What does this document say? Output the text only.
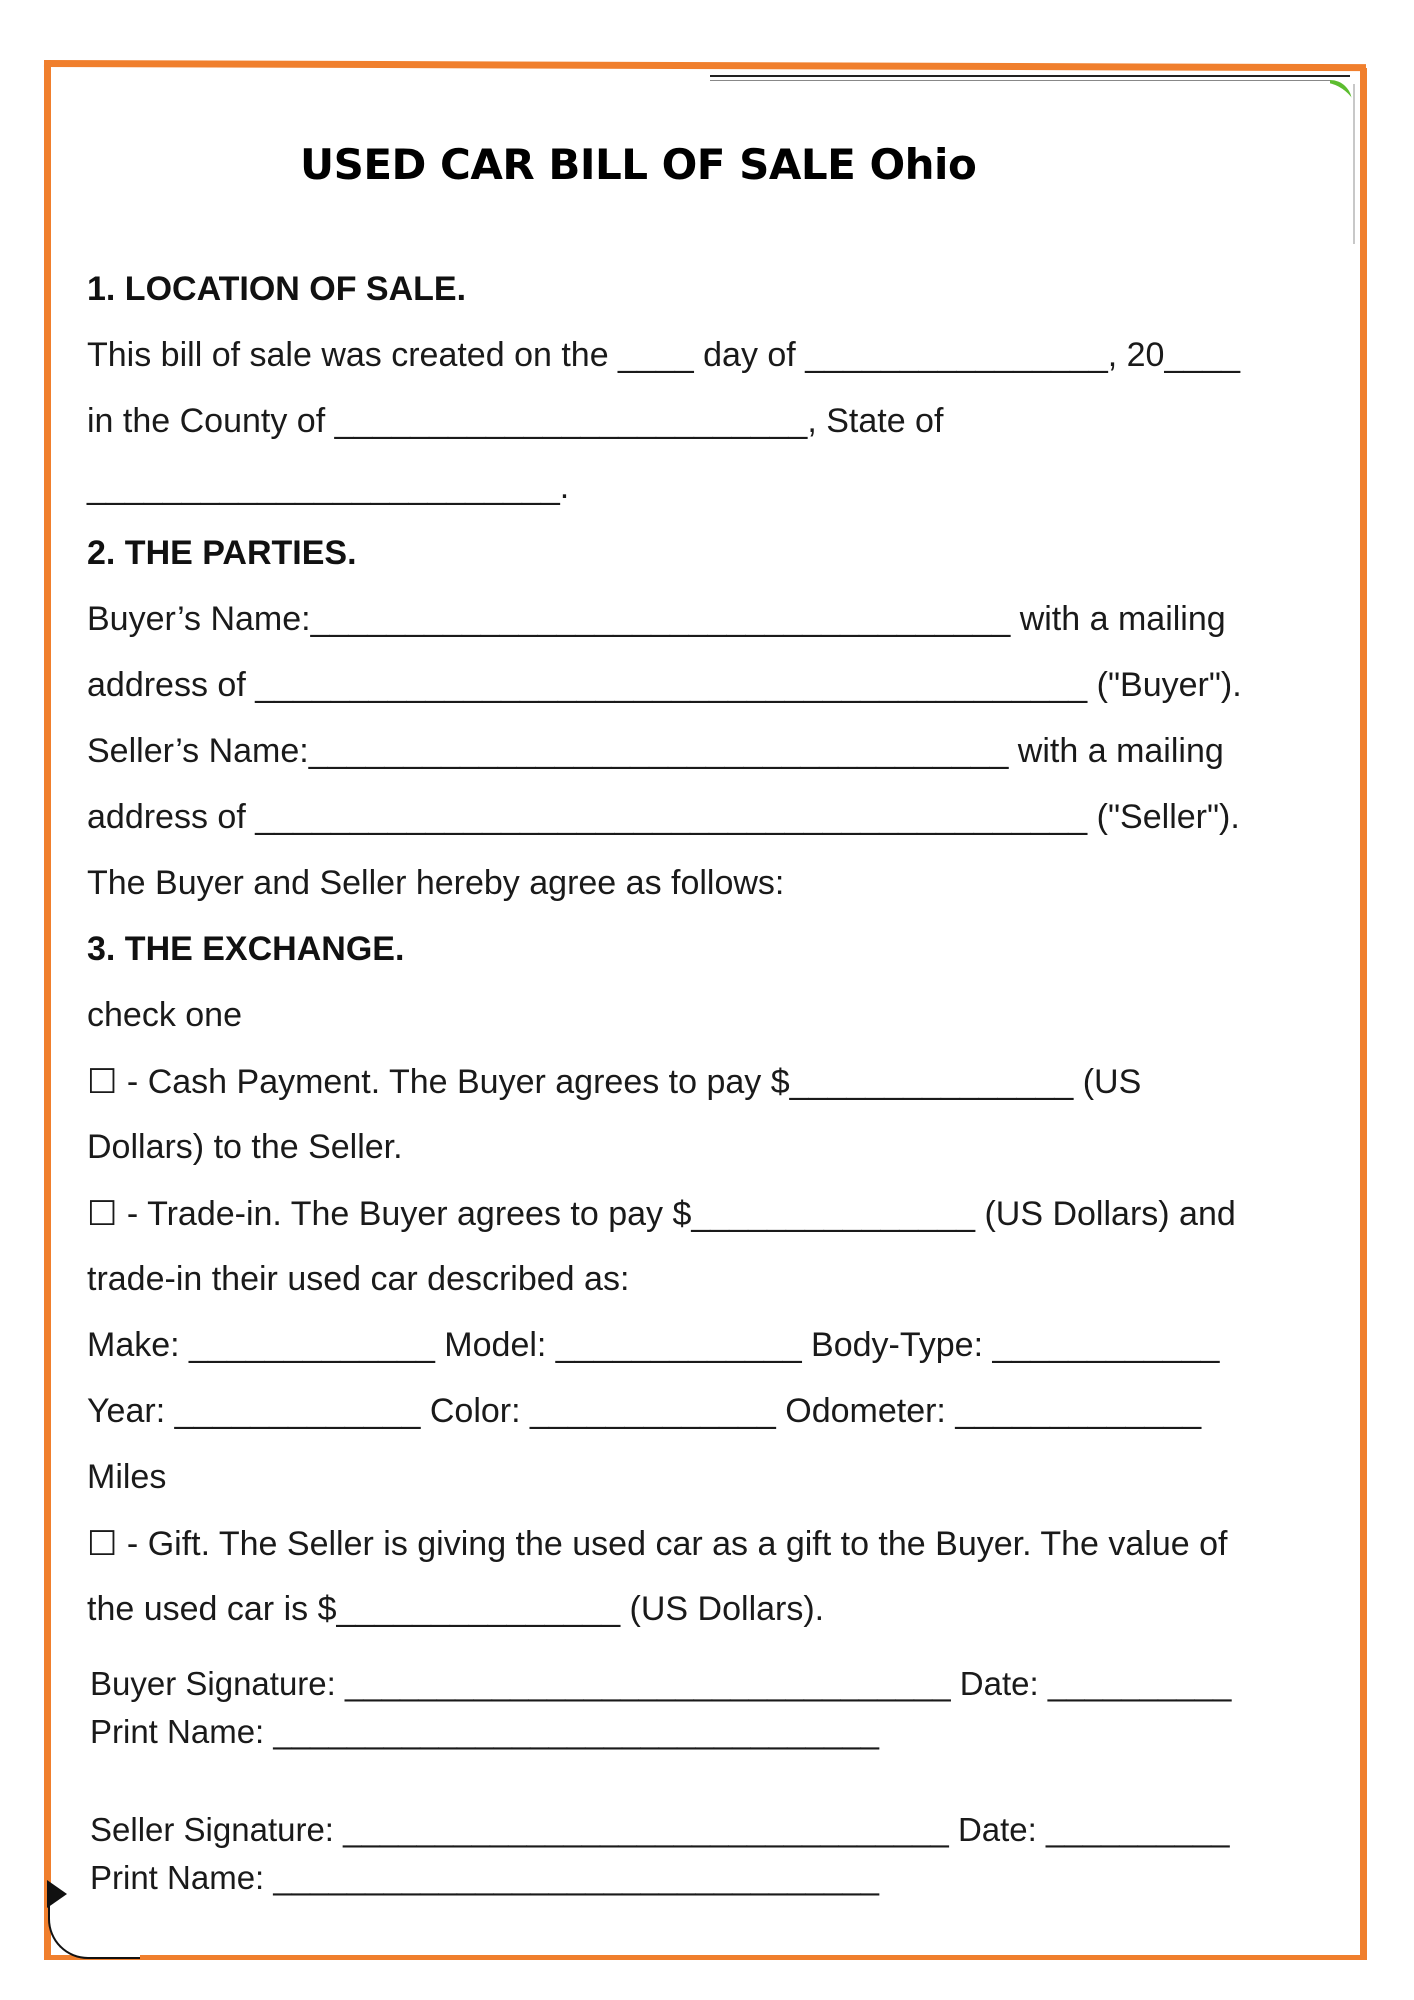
USED CAR BILL OF SALE Ohio
1. LOCATION OF SALE.
This bill of sale was created on the ____ day of ________________, 20____
in the County of _________________________, State of
_________________________.
2. THE PARTIES.
Buyer’s Name:_____________________________________ with a mailing
address of ____________________________________________ ("Buyer").
Seller’s Name:_____________________________________ with a mailing
address of ____________________________________________ ("Seller").
The Buyer and Seller hereby agree as follows:
3. THE EXCHANGE.
check one
☐ - Cash Payment. The Buyer agrees to pay $_______________ (US
Dollars) to the Seller.
☐ - Trade-in. The Buyer agrees to pay $_______________ (US Dollars) and
trade-in their used car described as:
Make: _____________ Model: _____________ Body-Type: ____________
Year: _____________ Color: _____________ Odometer: _____________
Miles
☐ - Gift. The Seller is giving the used car as a gift to the Buyer. The value of
the used car is $_______________ (US Dollars).
Buyer Signature: _________________________________ Date: __________
Print Name: _________________________________
Seller Signature: _________________________________ Date: __________
Print Name: _________________________________
